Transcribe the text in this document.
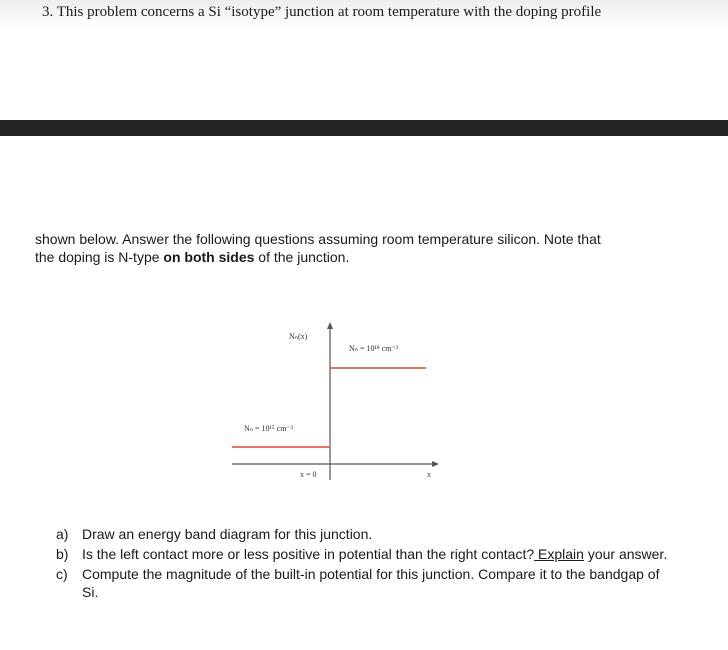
3. This problem concerns a Si “isotype” junction at room temperature with the doping profile
shown below. Answer the following questions assuming room temperature silicon. Note that
the doping is N-type on both sides of the junction.
Nₙ(x)
Nₙ = 10¹⁸ cm⁻³
Nₙ = 10¹⁵ cm⁻³
x = 0	x
a) Draw an energy band diagram for this junction.
b) Is the left contact more or less positive in potential than the right contact? Explain your answer.
c)	Compute the magnitude of the built-in potential for this junction. Compare it to the bandgap of Si.
